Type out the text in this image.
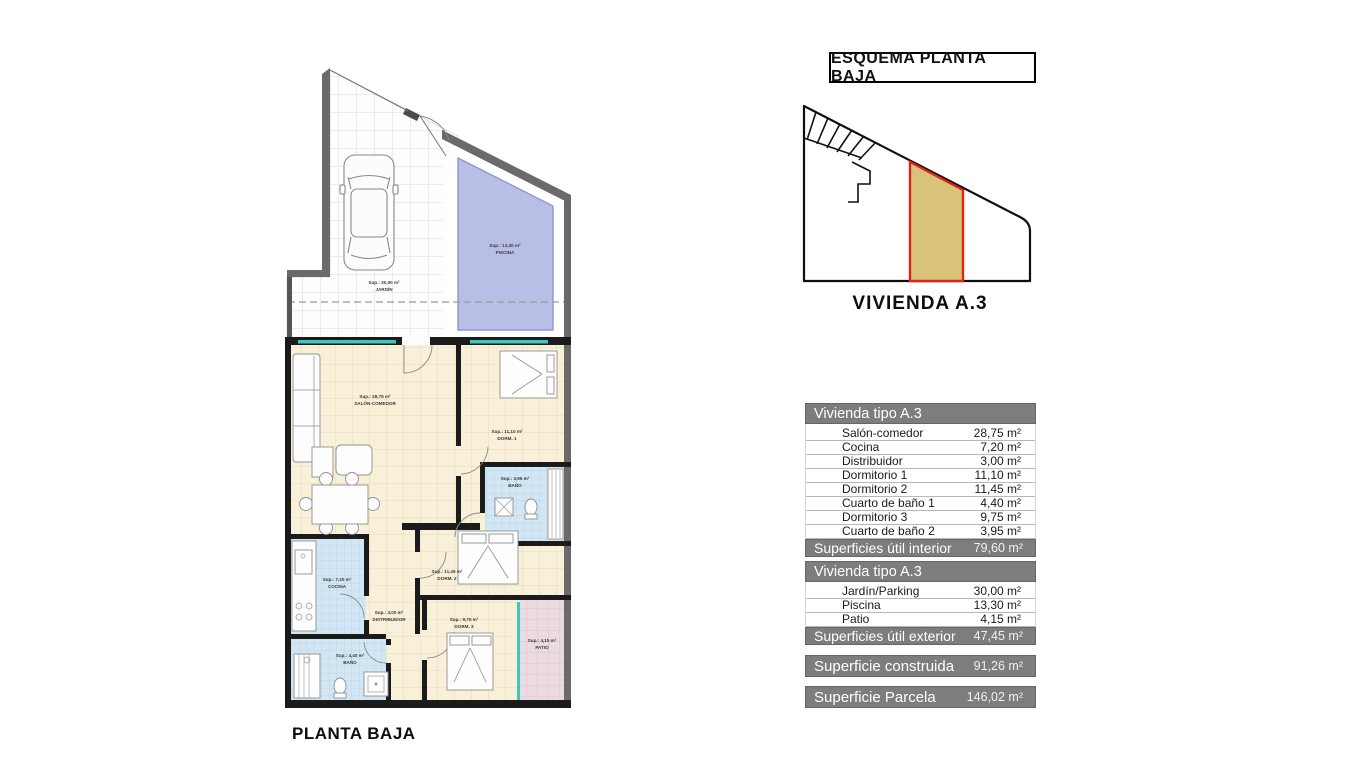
Sup.: 30,00 m²
JARDÍN
Sup.: 13,30 m²
PISCINA
Sup.: 28,75 m²
SALÓN-COMEDOR
Sup.: 11,10 m²
DORM. 1
Sup.: 3,95 m²
BAÑO
Sup.: 7,20 m²
COCINA
Sup.: 3,00 m²
DISTRIBUIDOR
Sup.: 11,45 m²
DORM. 2
Sup.: 9,75 m²
DORM. 3
Sup.: 4,15 m²
PATIO
Sup.: 4,40 m²
BAÑO
PLANTA BAJA
ESQUEMA PLANTA BAJA
VIVIENDA A.3
Vivienda tipo A.3
Salón-comedor	28,75 m²
Cocina	7,20 m²
Distribuidor	3,00 m²
Dormitorio 1	11,10 m²
Dormitorio 2	11,45 m²
Cuarto de baño 1	4,40 m²
Dormitorio 3	9,75 m²
Cuarto de baño 2	3,95 m²
Superficies útil interior 79,60 m²
Vivienda tipo A.3
Jardín/Parking	30,00 m²
Piscina	13,30 m²
Patio	4,15 m²
Superficies útil exterior 47,45 m²
Superficie construida 91,26 m²
Superficie Parcela 146,02 m²
